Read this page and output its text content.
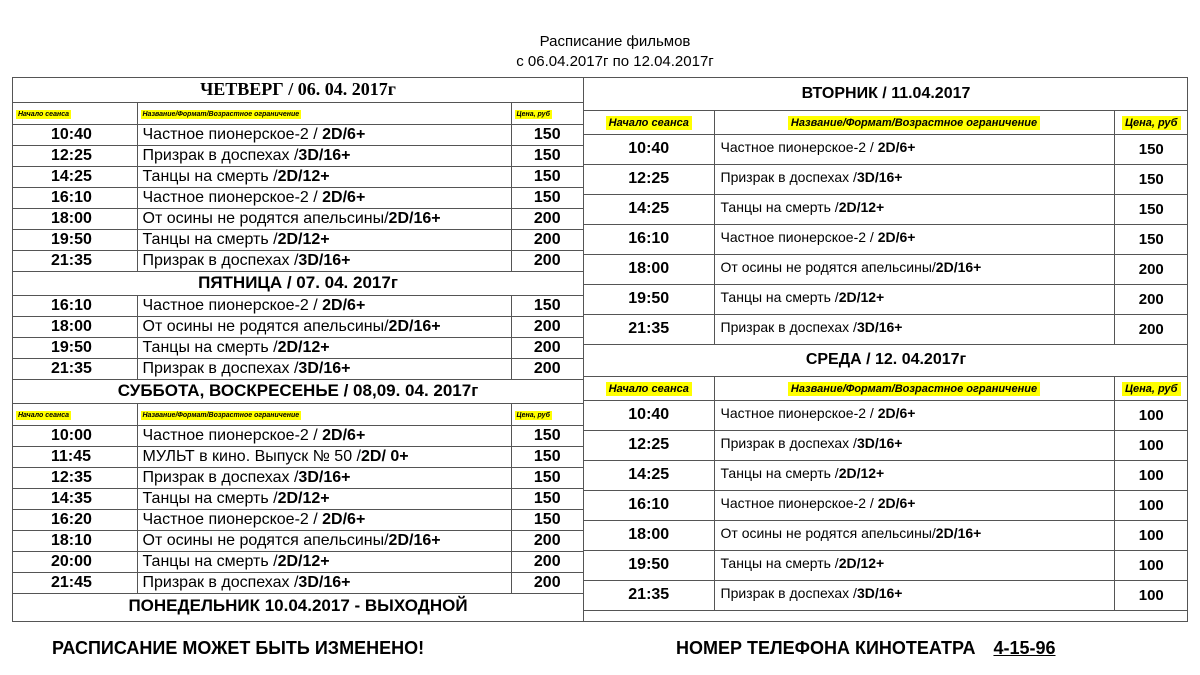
Расписание фильмов
с 06.04.2017г по 12.04.2017г
ЧЕТВЕРГ / 06. 04. 2017г		
Начало сеанса	Название/Формат/Возрастное ограничение	Цена, руб
10:40	Частное пионерское-2 / 2D/6+	150
12:25	Призрак в доспехах /3D/16+	150
14:25	Танцы на смерть /2D/12+	150
16:10	Частное пионерское-2 / 2D/6+	150
18:00	От осины не родятся апельсины/2D/16+	200
19:50	Танцы на смерть /2D/12+	200
21:35	Призрак в доспехах /3D/16+	200
ПЯТНИЦА / 07. 04. 2017г		
16:10	Частное пионерское-2 / 2D/6+	150
18:00	От осины не родятся апельсины/2D/16+	200
19:50	Танцы на смерть /2D/12+	200
21:35	Призрак в доспехах /3D/16+	200
СУББОТА, ВОСКРЕСЕНЬЕ / 08,09. 04. 2017г		
Начало сеанса	Название/Формат/Возрастное ограничение	Цена, руб
10:00	Частное пионерское-2 / 2D/6+	150
11:45	МУЛЬТ в кино. Выпуск № 50 /2D/ 0+	150
12:35	Призрак в доспехах /3D/16+	150
14:35	Танцы на смерть /2D/12+	150
16:20	Частное пионерское-2 / 2D/6+	150
18:10	От осины не родятся апельсины/2D/16+	200
20:00	Танцы на смерть /2D/12+	200
21:45	Призрак в доспехах /3D/16+	200
ПОНЕДЕЛЬНИК 10.04.2017 - ВЫХОДНОЙ		
ВТОРНИК / 11.04.2017		
Начало сеанса	Название/Формат/Возрастное ограничение	Цена, руб
10:40	Частное пионерское-2 / 2D/6+	150
12:25	Призрак в доспехах /3D/16+	150
14:25	Танцы на смерть /2D/12+	150
16:10	Частное пионерское-2 / 2D/6+	150
18:00	От осины не родятся апельсины/2D/16+	200
19:50	Танцы на смерть /2D/12+	200
21:35	Призрак в доспехах /3D/16+	200
СРЕДА / 12. 04.2017г		
Начало сеанса	Название/Формат/Возрастное ограничение	Цена, руб
10:40	Частное пионерское-2 / 2D/6+	100
12:25	Призрак в доспехах /3D/16+	100
14:25	Танцы на смерть /2D/12+	100
16:10	Частное пионерское-2 / 2D/6+	100
18:00	От осины не родятся апельсины/2D/16+	100
19:50	Танцы на смерть /2D/12+	100
21:35	Призрак в доспехах /3D/16+	100
РАСПИСАНИЕ МОЖЕТ БЫТЬ ИЗМЕНЕНО!	НОМЕР ТЕЛЕФОНА КИНОТЕАТРА 4-15-96
